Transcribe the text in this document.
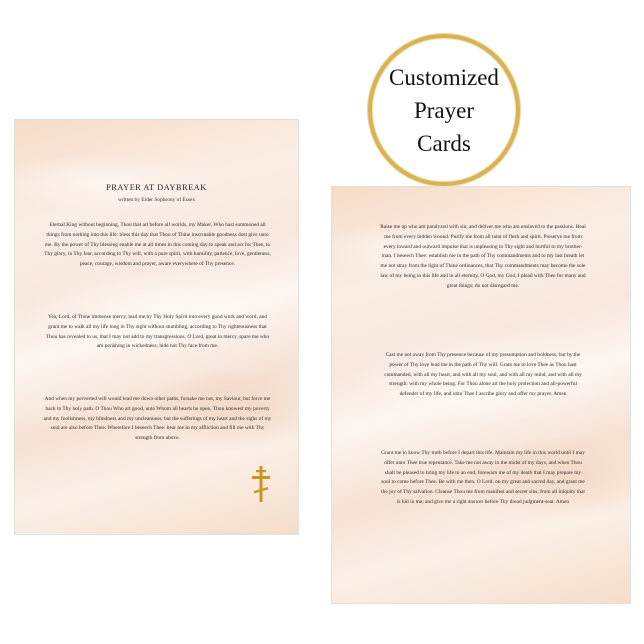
Customized
Prayer
Cards
PRAYER AT DAYBREAK
written by Elder Sophrony of Essex

Eternal King without beginning, Thou that art before all worlds, my Maker, Who hast summoned all things from nothing into this life: bless this day that Thou of Thine inscrutable goodness dost give unto me. By the power of Thy blessing enable me at all times in this coming day to speak and act for Thee, to Thy glory, in Thy fear, according to Thy will, with a pure spirit, with humility, patience, love, gentleness, peace, courage, wisdom and prayer, aware everywhere of Thy presence.

Yea, Lord, of Thine immense mercy, lead me by Thy Holy Spirit into every good work and word, and grant me to walk all my life long in Thy sight without stumbling, according to Thy righteousness that Thou has revealed to us, that I may not add to my transgressions. O Lord, great in mercy, spare me who am perishing in wickedness; hide not Thy face from me.

And when my perverted will would lead me down other paths, forsake me not, my Saviour, but force me back to Thy holy path. O Thou Who art good, unto Whom all hearts be open, Thou knowest my poverty and my foolishness, my blindness and my uncleanness, but the sufferings of my heart and the sighs of my soul are also before Thee. Wherefore I beseech Thee: hear me in my affliction and fill me with Thy strength from above.

Raise me up who am paralyzed with sin, and deliver me who am enslaved to the passions. Heal me from every hidden wound. Purify me from all taint of flesh and spirit. Preserve me from every inward and outward impulse that is unpleasing in Thy sight and hurtful to my brother-man. I beseech Thee: establish me in the path of Thy commandments and to my last breath let me not stray from the light of Thine ordinances, that Thy commandments may become the sole law of my being in this life and in all eternity. O God, my God, I plead with Thee for many and great things; do not disregard me.

Cast me not away from Thy presence because of my presumption and boldness, but by the power of Thy love lead me in the path of Thy will. Grant me to love Thee as Thou hast commanded, with all my heart, and with all my soul, and with all my mind, and with all my strength: with my whole being. For Thou alone art the holy protection and all-powerful defender of my life, and unto Thee I ascribe glory and offer my prayer. Amen

Grant me to know Thy truth before I depart this life. Maintain my life in this world until I may offer unto Thee true repentance. Take me not away in the midst of my days, and when Thou shalt be pleased to bring my life to an end, forewarn me of my death that I may prepare my soul to come before Thee. Be with me then, O Lord, on my great and sacred day, and grant me the joy of Thy salvation. Cleanse Thou me from manifest and secret sins, from all iniquity that is hid in me; and give me a right answer before Thy dread judgment-seat. Amen
